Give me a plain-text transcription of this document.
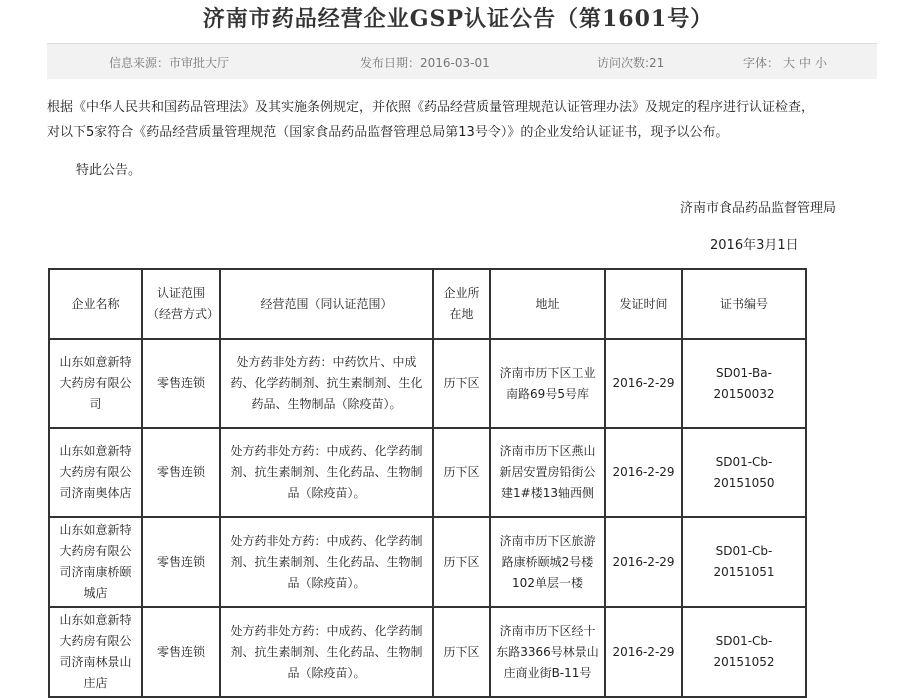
济南市药品经营企业GSP认证公告（第1601号）
信息来源：市审批大厅	发布日期：2016-03-01	访问次数:21	字体： 大 中 小
根据《中华人民共和国药品管理法》及其实施条例规定，并依照《药品经营质量管理规范认证管理办法》及规定的程序进行认证检查，
对以下5家符合《药品经营质量管理规范（国家食品药品监督管理总局第13号令）》的企业发给认证证书，现予以公布。
特此公告。
济南市食品药品监督管理局
2016年3月1日
企业名称	认证范围（经营方式）	经营范围（同认证范围）	企业所在地	地址	发证时间	证书编号
山东如意新特大药房有限公司	零售连锁	处方药非处方药：中药饮片、中成药、化学药制剂、抗生素制剂、生化药品、生物制品（除疫苗）。	历下区	济南市历下区工业南路69号5号库	2016-2-29	SD01-Ba-20150032
山东如意新特大药房有限公司济南奥体店	零售连锁	处方药非处方药：中成药、化学药制剂、抗生素制剂、生化药品、生物制品（除疫苗）。	历下区	济南市历下区燕山新居安置房铅街公建1#楼13轴西侧	2016-2-29	SD01-Cb-20151050
山东如意新特大药房有限公司济南康桥颐城店	零售连锁	处方药非处方药：中成药、化学药制剂、抗生素制剂、生化药品、生物制品（除疫苗）。	历下区	济南市历下区旅游路康桥颐城2号楼102单层一楼	2016-2-29	SD01-Cb-20151051
山东如意新特大药房有限公司济南林景山庄店	零售连锁	处方药非处方药：中成药、化学药制剂、抗生素制剂、生化药品、生物制品（除疫苗）。	历下区	济南市历下区经十东路3366号林景山庄商业街B-11号	2016-2-29	SD01-Cb-20151052
